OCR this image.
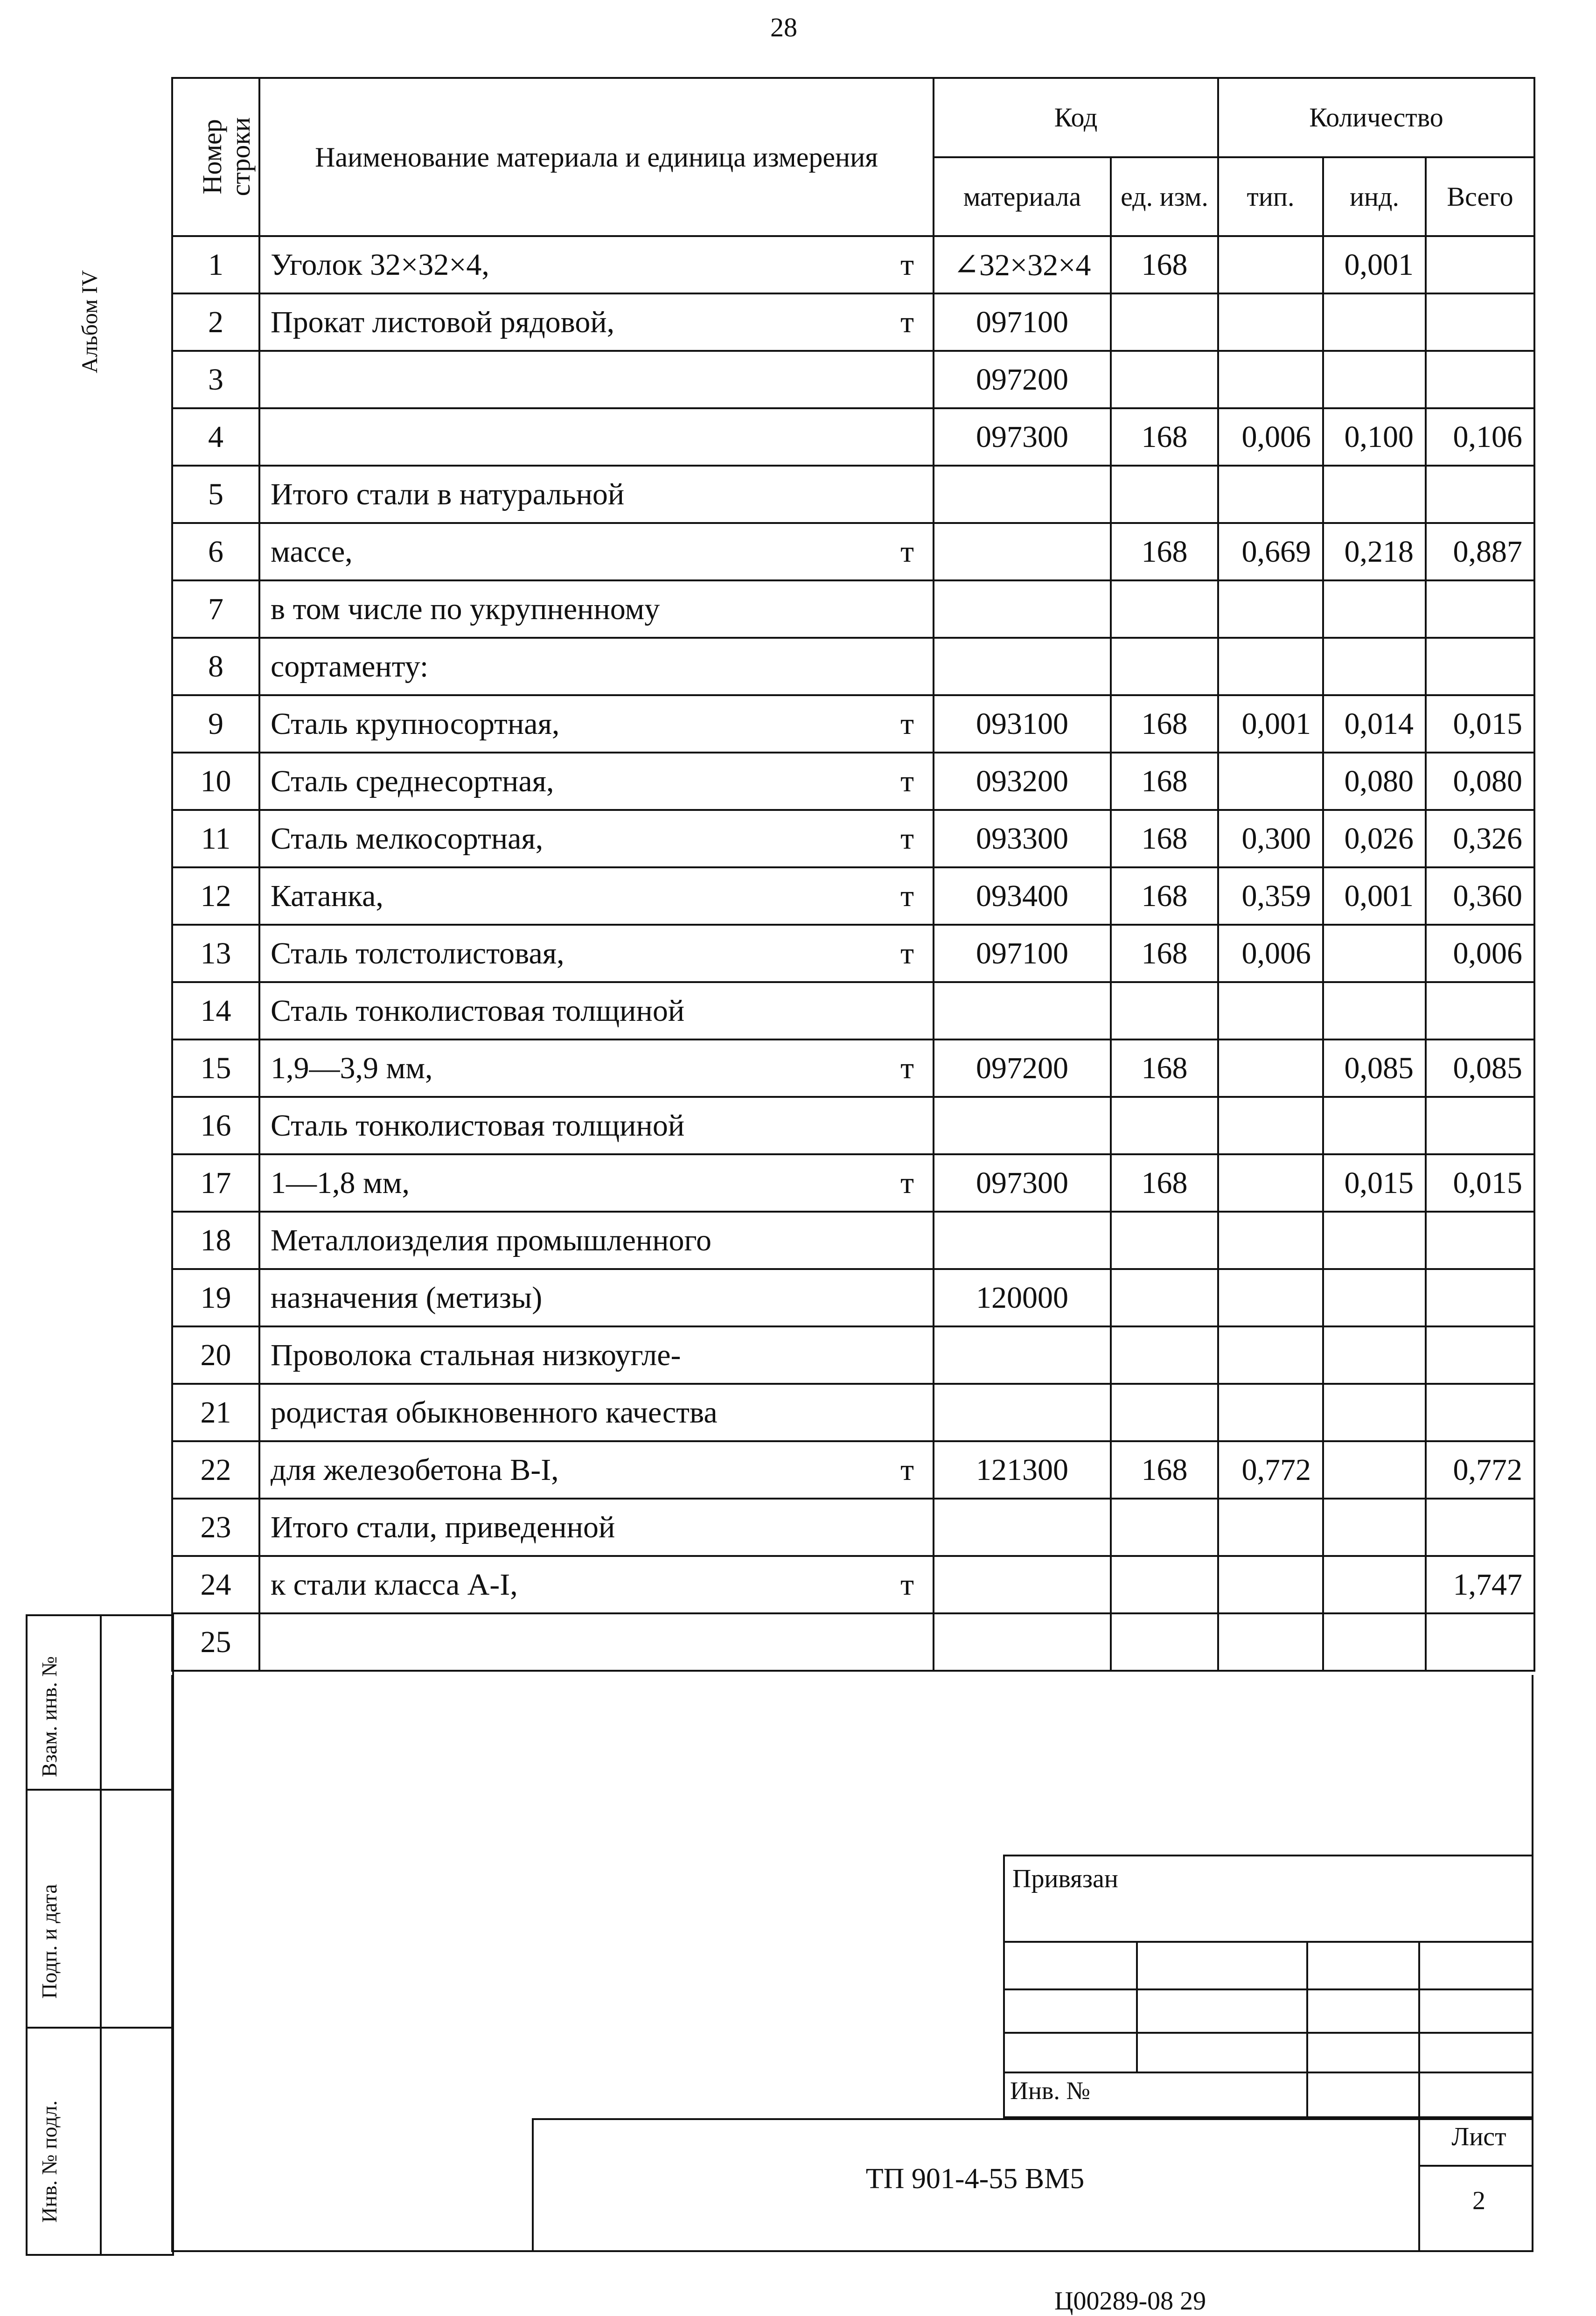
28
Альбом IV
Номер строки	Наименование материала и единица измерения	Код		Количество		
		материала	ед. изм.	тип.	инд.	Всего
1	Уголок 32×32×4, т	∠32×32×4	168		0,001	
2	Прокат листовой рядовой, т	097100				
3		097200				
4		097300	168	0,006	0,100	0,106
5	Итого стали в натуральной					

6	массе, т		168	0,669	0,218	0,887
7	в том числе по укрупненному					

8	сортаменту:					

9	Сталь крупносортная, т	093100	168	0,001	0,014	0,015
10	Сталь среднесортная, т	093200	168		0,080	0,080
11	Сталь мелкосортная, т	093300	168	0,300	0,026	0,326
12	Катанка, т	093400	168	0,359	0,001	0,360
13	Сталь толстолистовая, т	097100	168	0,006		0,006
14	Сталь тонколистовая толщиной					

15	1,9—3,9 мм, т	097200	168		0,085	0,085
16	Сталь тонколистовая толщиной					

17	1—1,8 мм, т	097300	168		0,015	0,015
18	Металлоизделия промышленного					

19	назначения (метизы)	120000				
20	Проволока стальная низкоугле-					

21	родистая обыкновенного качества					

22	для железобетона В-I, т	121300	168	0,772		0,772
23	Итого стали, приведенной					

24	к стали класса А-I, т					1,747
25	

Взам. инв. №
Подп. и дата
Инв. № подл.
Привязан
Инв. №
ТП 901-4-55 ВМ5
Лист
2
Ц00289-08 29
